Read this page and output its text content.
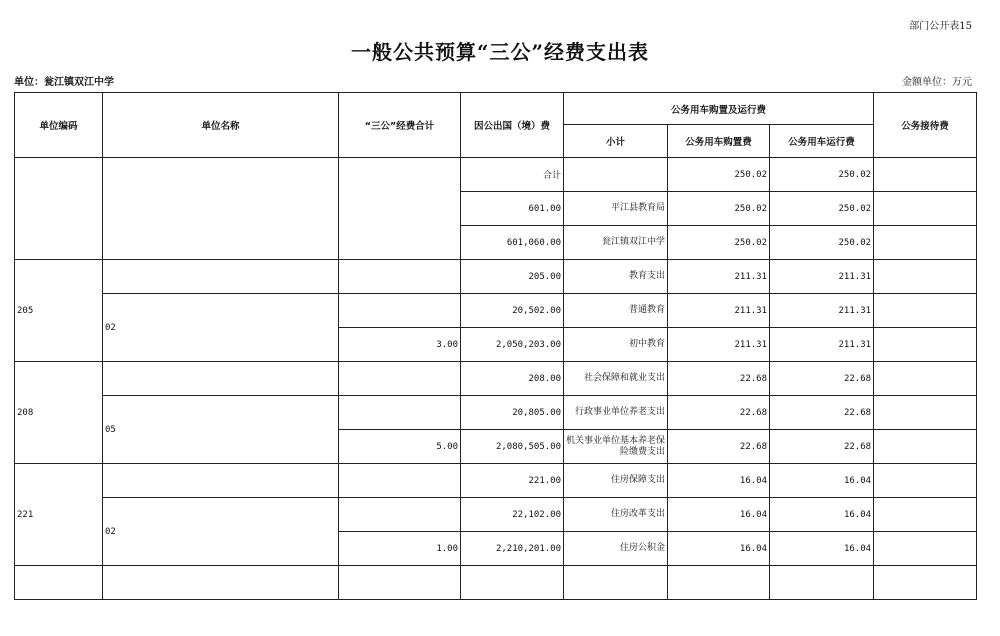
部门公开表15
一般公共预算“三公”经费支出表
单位：瓮江镇双江中学	金额单位：万元
单位编码	单位名称	“三公”经费合计	因公出国（境）费	公务用车购置及运行费			公务接待费
				小计	公务用车购置费	公务用车运行费	
			合计		250.02	250.02	
			601.00	平江县教育局	250.02	250.02	
			601,060.00	瓮江镇双江中学	250.02	250.02	
205			205.00	教育支出	211.31	211.31	
	02		20,502.00	普通教育	211.31	211.31	
		3.00	2,050,203.00	初中教育	211.31	211.31	
208			208.00	社会保障和就业支出	22.68	22.68	
	05		20,805.00	行政事业单位养老支出	22.68	22.68	
		5.00	2,080,505.00	机关事业单位基本养老保险缴费支出	22.68	22.68	
221			221.00	住房保障支出	16.04	16.04	
	02		22,102.00	住房改革支出	16.04	16.04	
		1.00	2,210,201.00	住房公积金	16.04	16.04	
